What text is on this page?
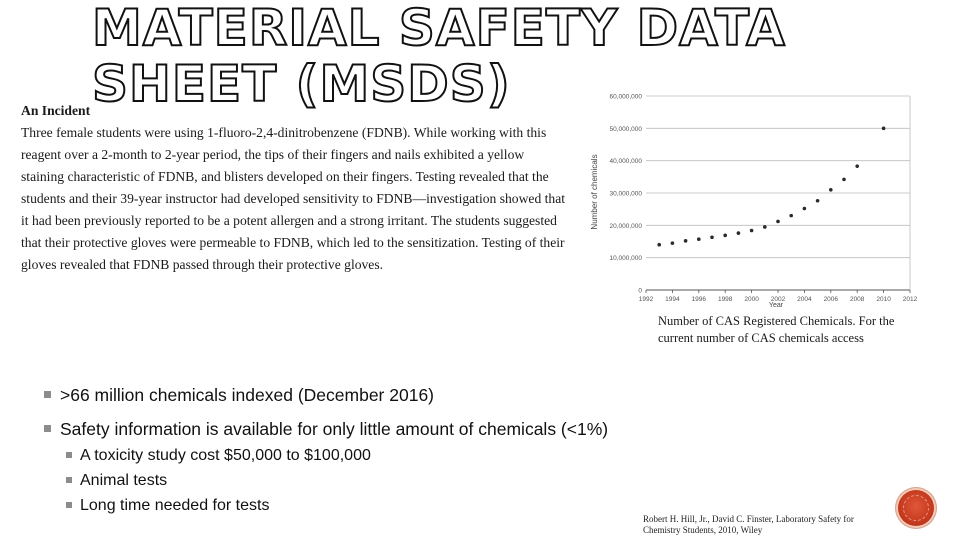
MATERIAL SAFETY DATA
SHEET (MSDS)
An Incident
Three female students were using 1-fluoro-2,4-dinitrobenzene (FDNB). While working with this reagent over a 2-month to 2-year period, the tips of their fingers and nails exhibited a yellow staining characteristic of FDNB, and blisters developed on their fingers. Testing revealed that the students and their 39-year instructor had developed sensitivity to FDNB—investigation showed that it had been previously reported to be a potent allergen and a strong irritant. The students suggested that their protective gloves were permeable to FDNB, which led to the sensitization. Testing of their gloves revealed that FDNB passed through their protective gloves.
0
10,000,000
20,000,000
30,000,000
40,000,000
50,000,000
60,000,000
1992 1994 1996 1998 2000 2002 2004 2006 2008 2010 2012
Number of chemicals
Year
Number of CAS Registered Chemicals. For the current number of CAS chemicals access
>66 million chemicals indexed (December 2016)
Safety information is available for only little amount of chemicals (<1%)
A toxicity study cost $50,000 to $100,000
Animal tests
Long time needed for tests
Robert H. Hill, Jr., David C. Finster, Laboratory Safety for Chemistry Students, 2010, Wiley
